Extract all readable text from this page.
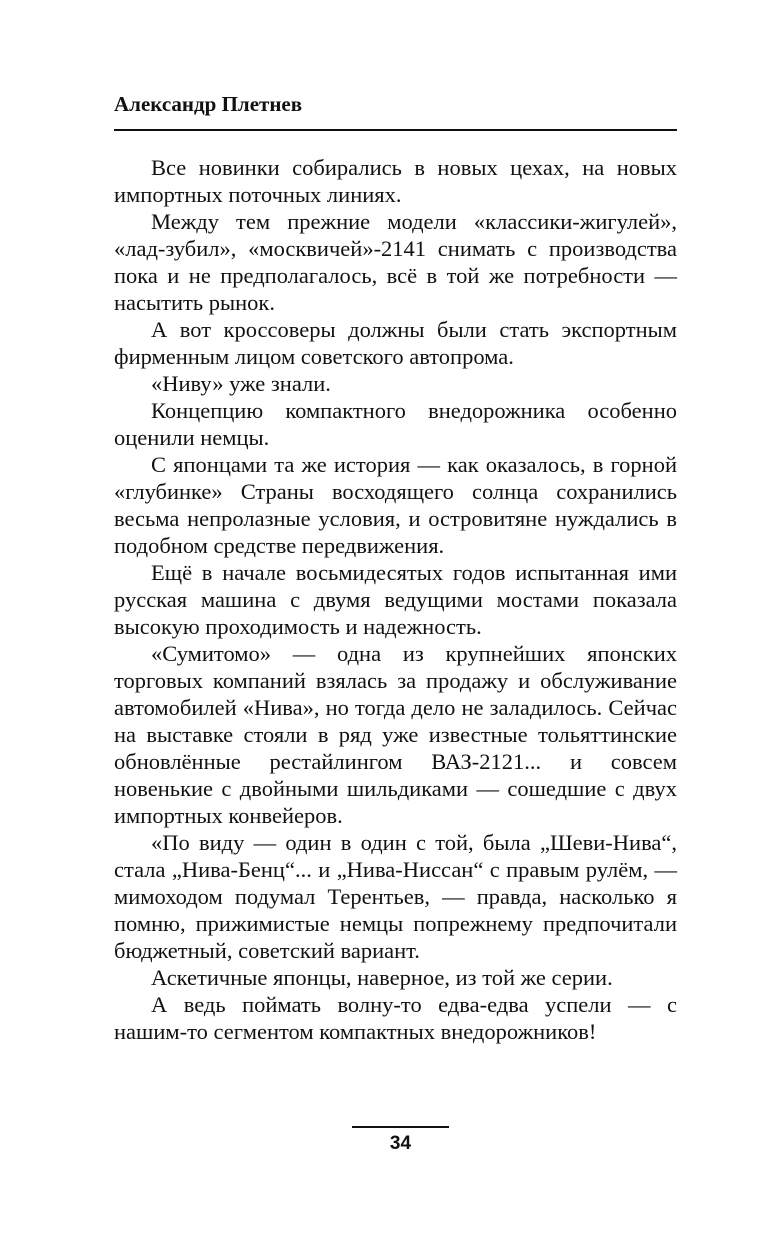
Александр Плетнев

Все новинки собирались в новых цехах, на новых импортных поточных линиях.

Между тем прежние модели «классики-жигулей», «лад-зубил», «москвичей»-2141 снимать с производства пока и не предполагалось, всё в той же потребности — насытить рынок.

А вот кроссоверы должны были стать экспортным фирменным лицом советского автопрома.

«Ниву» уже знали.

Концепцию компактного внедорожника особенно оценили немцы.

С японцами та же история — как оказалось, в горной «глубинке» Страны восходящего солнца сохранились весьма непролазные условия, и островитяне нуждались в подобном средстве передвижения.

Ещё в начале восьмидесятых годов испытанная ими русская машина с двумя ведущими мостами показала высокую проходимость и надежность.

«Сумитомо» — одна из крупнейших японских торговых компаний взялась за продажу и обслуживание автомобилей «Нива», но тогда дело не заладилось. Сейчас на выставке стояли в ряд уже известные тольяттинские обновлённые рестайлингом ВАЗ-2121... и совсем новенькие с двойными шильдиками — сошедшие с двух импортных конвейеров.

«По виду — один в один с той, была „Шеви-Нива“, стала „Нива-Бенц“... и „Нива-Ниссан“ с правым рулём, — мимоходом подумал Терентьев, — правда, насколько я помню, прижимистые немцы попрежнему предпочитали бюджетный, советский вариант.

Аскетичные японцы, наверное, из той же серии.

А ведь поймать волну-то едва-едва успели — с нашим-то сегментом компактных внедорожников!

34
